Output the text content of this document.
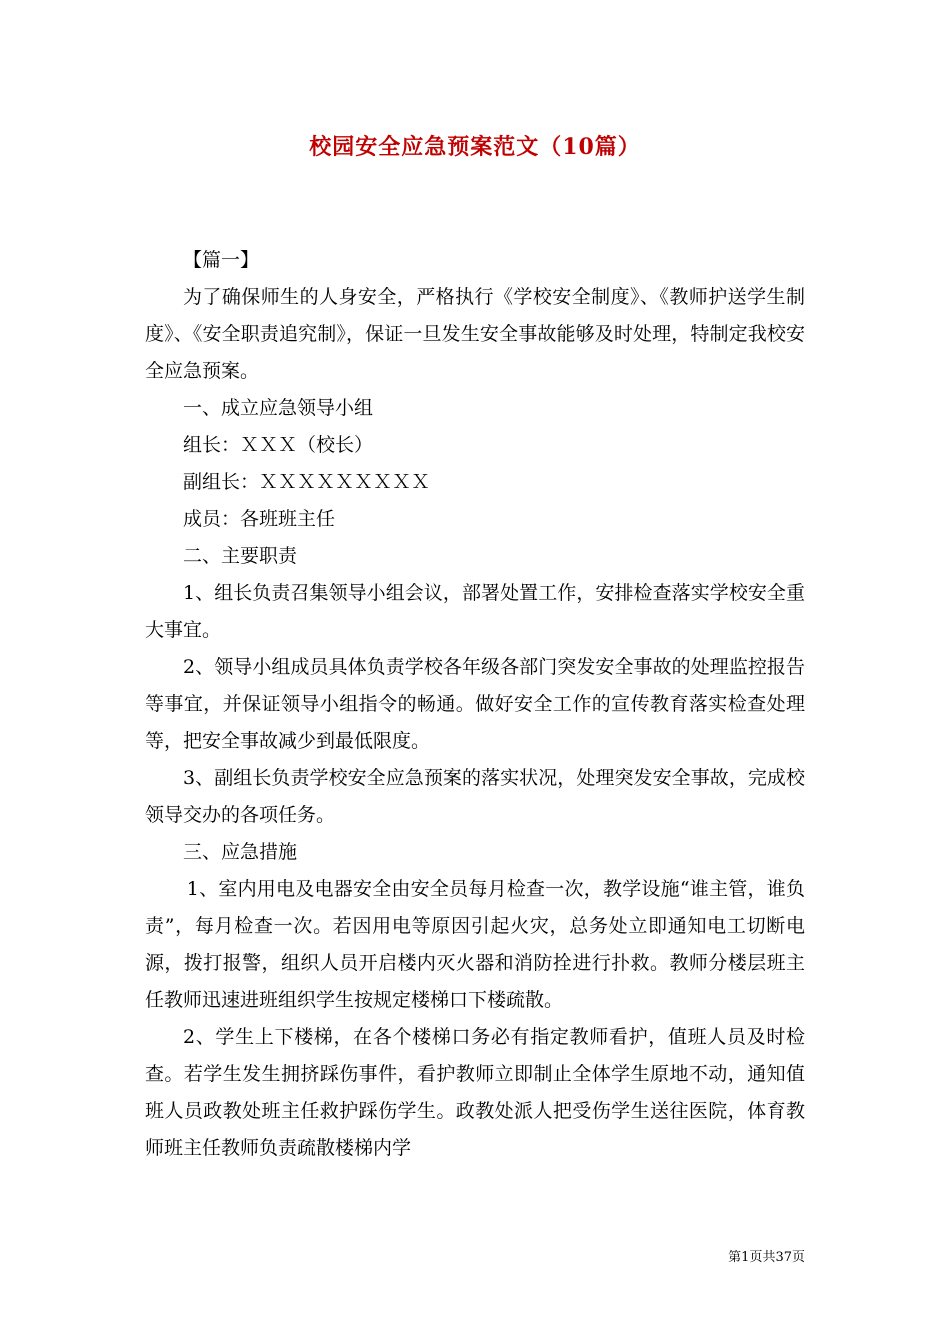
校园安全应急预案范文（10篇）

【篇一】

为了确保师生的人身安全，严格执行《学校安全制度》、《教师护送学生制度》、《安全职责追究制》，保证一旦发生安全事故能够及时处理，特制定我校安全应急预案。

一、成立应急领导小组

组长：ＸＸＸ（校长）

副组长：ＸＸＸＸＸＸＸＸＸ

成员：各班班主任

二、主要职责

1、组长负责召集领导小组会议，部署处置工作，安排检查落实学校安全重大事宜。

2、领导小组成员具体负责学校各年级各部门突发安全事故的处理监控报告等事宜，并保证领导小组指令的畅通。做好安全工作的宣传教育落实检查处理等，把安全事故减少到最低限度。

3、副组长负责学校安全应急预案的落实状况，处理突发安全事故，完成校领导交办的各项任务。

三、应急措施

1、室内用电及电器安全由安全员每月检查一次，教学设施“谁主管，谁负责”，每月检查一次。若因用电等原因引起火灾，总务处立即通知电工切断电源，拨打报警，组织人员开启楼内灭火器和消防拴进行扑救。教师分楼层班主任教师迅速进班组织学生按规定楼梯口下楼疏散。

2、学生上下楼梯，在各个楼梯口务必有指定教师看护，值班人员及时检查。若学生发生拥挤踩伤事件，看护教师立即制止全体学生原地不动，通知值班人员政教处班主任救护踩伤学生。政教处派人把受伤学生送往医院，体育教师班主任教师负责疏散楼梯内学

第1页共37页
